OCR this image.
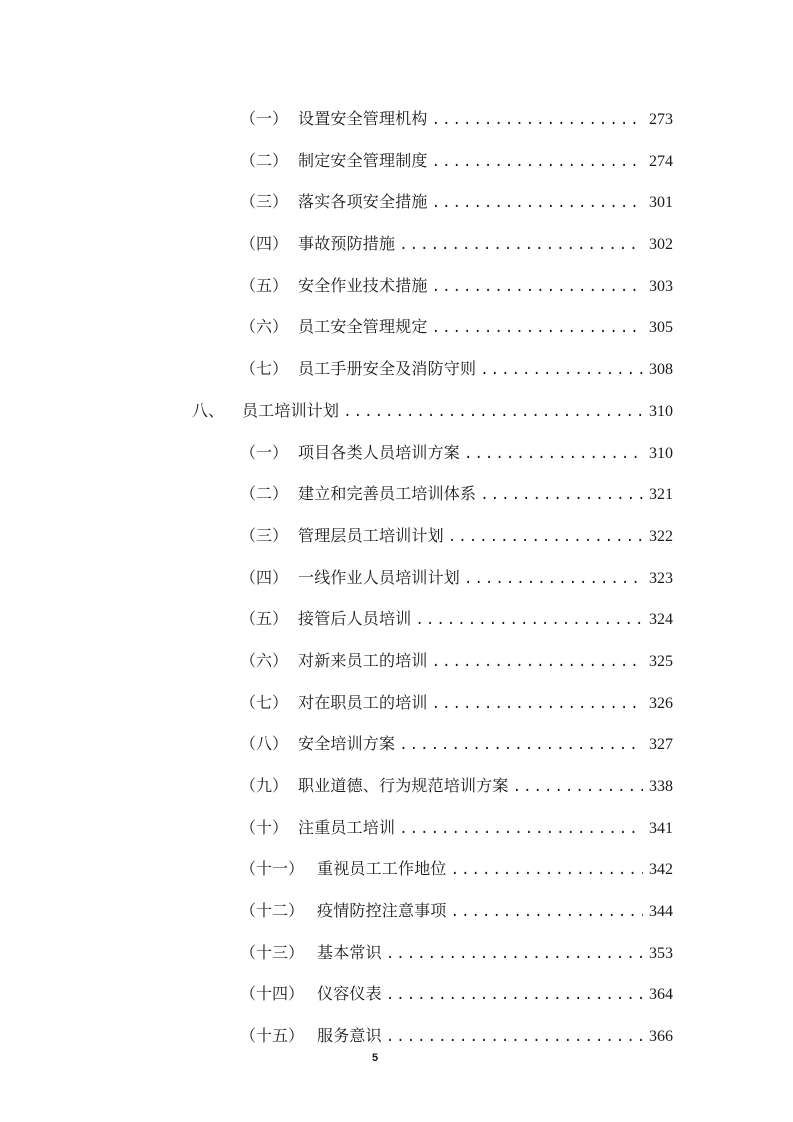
（一） 设置安全管理机构 . . .	273
（二） 制定安全管理制度 . . .	274
（三） 落实各项安全措施 . . .	301
（四） 事故预防措施 . . .	302
（五） 安全作业技术措施 . . .	303
（六） 员工安全管理规定 . . .	305
（七） 员工手册安全及消防守则 . . .	308
八、	员工培训计划 . . .	310
（一） 项目各类人员培训方案 . . .	310
（二） 建立和完善员工培训体系 . . .	321
（三） 管理层员工培训计划 . . .	322
（四） 一线作业人员培训计划 . . .	323
（五） 接管后人员培训 . . .	324
（六） 对新来员工的培训 . . .	325
（七） 对在职员工的培训 . . .	326
（八） 安全培训方案 . . .	327
（九） 职业道德、行为规范培训方案 . . .	338
（十） 注重员工培训 . . .	341
（十一） 重视员工工作地位 . . .	342
（十二） 疫情防控注意事项 . . .	344
（十三） 基本常识 . . .	353
（十四） 仪容仪表 . . .	364
（十五） 服务意识 . . .	366
5
